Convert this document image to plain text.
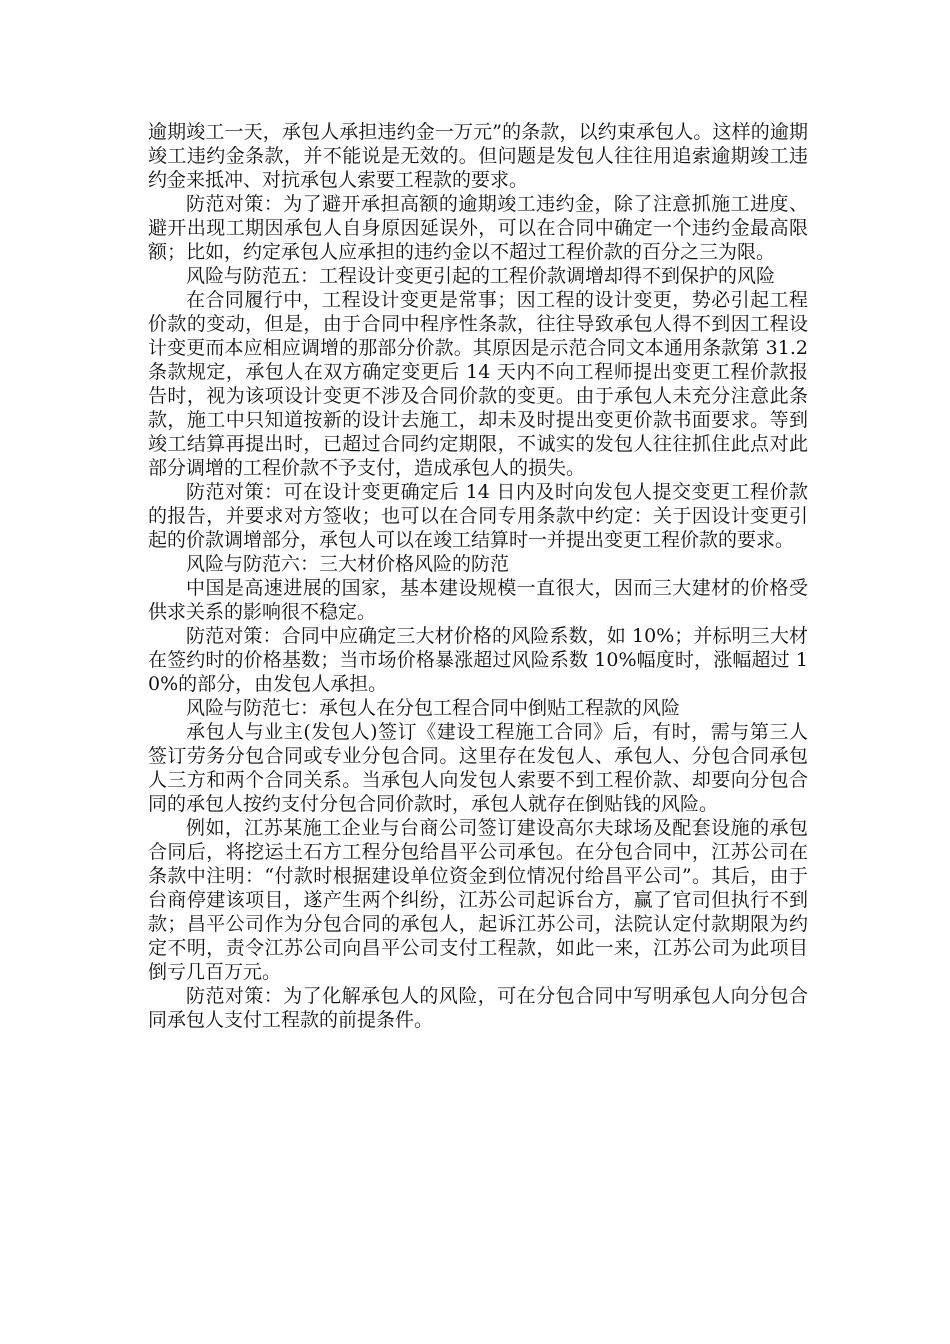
逾期竣工一天，承包人承担违约金一万元”的条款，以约束承包人。这样的逾期竣工违约金条款，并不能说是无效的。但问题是发包人往往用追索逾期竣工违约金来抵冲、对抗承包人索要工程款的要求。

防范对策：为了避开承担高额的逾期竣工违约金，除了注意抓施工进度、避开出现工期因承包人自身原因延误外，可以在合同中确定一个违约金最高限额；比如，约定承包人应承担的违约金以不超过工程价款的百分之三为限。

风险与防范五：工程设计变更引起的工程价款调增却得不到保护的风险

在合同履行中，工程设计变更是常事；因工程的设计变更，势必引起工程价款的变动，但是，由于合同中程序性条款，往往导致承包人得不到因工程设计变更而本应相应调增的那部分价款。其原因是示范合同文本通用条款第 31.2 条款规定，承包人在双方确定变更后 14 天内不向工程师提出变更工程价款报告时，视为该项设计变更不涉及合同价款的变更。由于承包人未充分注意此条款，施工中只知道按新的设计去施工，却未及时提出变更价款书面要求。等到竣工结算再提出时，已超过合同约定期限，不诚实的发包人往往抓住此点对此部分调增的工程价款不予支付，造成承包人的损失。

防范对策：可在设计变更确定后 14 日内及时向发包人提交变更工程价款的报告，并要求对方签收；也可以在合同专用条款中约定：关于因设计变更引起的价款调增部分，承包人可以在竣工结算时一并提出变更工程价款的要求。

风险与防范六：三大材价格风险的防范

中国是高速进展的国家，基本建设规模一直很大，因而三大建材的价格受供求关系的影响很不稳定。

防范对策：合同中应确定三大材价格的风险系数，如 10%；并标明三大材在签约时的价格基数；当市场价格暴涨超过风险系数 10%幅度时，涨幅超过 10%的部分，由发包人承担。

风险与防范七：承包人在分包工程合同中倒贴工程款的风险

承包人与业主(发包人)签订《建设工程施工合同》后，有时，需与第三人签订劳务分包合同或专业分包合同。这里存在发包人、承包人、分包合同承包人三方和两个合同关系。当承包人向发包人索要不到工程价款、却要向分包合同的承包人按约支付分包合同价款时，承包人就存在倒贴钱的风险。

例如，江苏某施工企业与台商公司签订建设高尔夫球场及配套设施的承包合同后，将挖运土石方工程分包给昌平公司承包。在分包合同中，江苏公司在条款中注明：“付款时根据建设单位资金到位情况付给昌平公司”。其后，由于台商停建该项目，遂产生两个纠纷，江苏公司起诉台方，赢了官司但执行不到款；昌平公司作为分包合同的承包人，起诉江苏公司，法院认定付款期限为约定不明，责令江苏公司向昌平公司支付工程款，如此一来，江苏公司为此项目倒亏几百万元。

防范对策：为了化解承包人的风险，可在分包合同中写明承包人向分包合同承包人支付工程款的前提条件。
